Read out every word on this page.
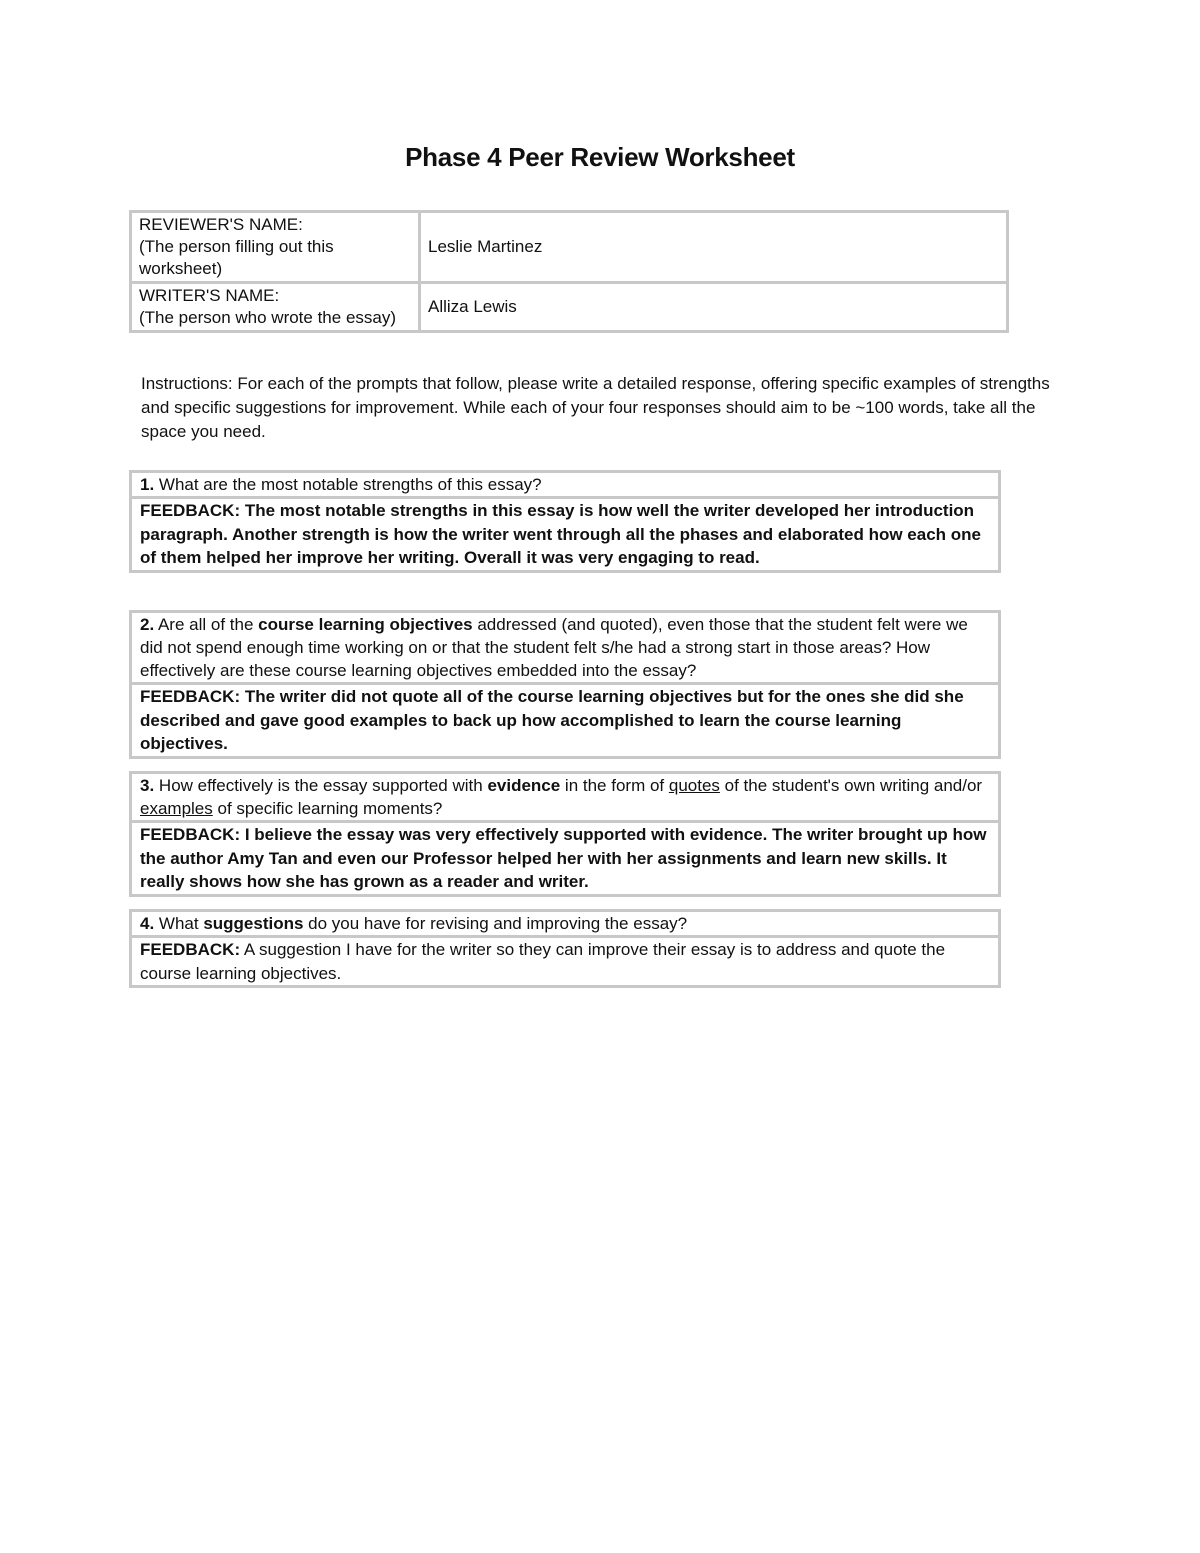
Phase 4 Peer Review Worksheet
REVIEWER'S NAME:
(The person filling out this worksheet)	Leslie Martinez

WRITER'S NAME:
(The person who wrote the essay)	Alliza Lewis
Instructions: For each of the prompts that follow, please write a detailed response, offering specific examples of strengths and specific suggestions for improvement. While each of your four responses should aim to be ~100 words, take all the space you need.
1. What are the most notable strengths of this essay?
FEEDBACK: The most notable strengths in this essay is how well the writer developed her introduction paragraph. Another strength is how the writer went through all the phases and elaborated how each one of them helped her improve her writing. Overall it was very engaging to read.
2. Are all of the course learning objectives addressed (and quoted), even those that the student felt were we did not spend enough time working on or that the student felt s/he had a strong start in those areas? How effectively are these course learning objectives embedded into the essay?
FEEDBACK: The writer did not quote all of the course learning objectives but for the ones she did she described and gave good examples to back up how accomplished to learn the course learning objectives.
3. How effectively is the essay supported with evidence in the form of quotes of the student's own writing and/or examples of specific learning moments?
FEEDBACK: I believe the essay was very effectively supported with evidence. The writer brought up how the author Amy Tan and even our Professor helped her with her assignments and learn new skills. It really shows how she has grown as a reader and writer.
4. What suggestions do you have for revising and improving the essay?
FEEDBACK: A suggestion I have for the writer so they can improve their essay is to address and quote the course learning objectives.
